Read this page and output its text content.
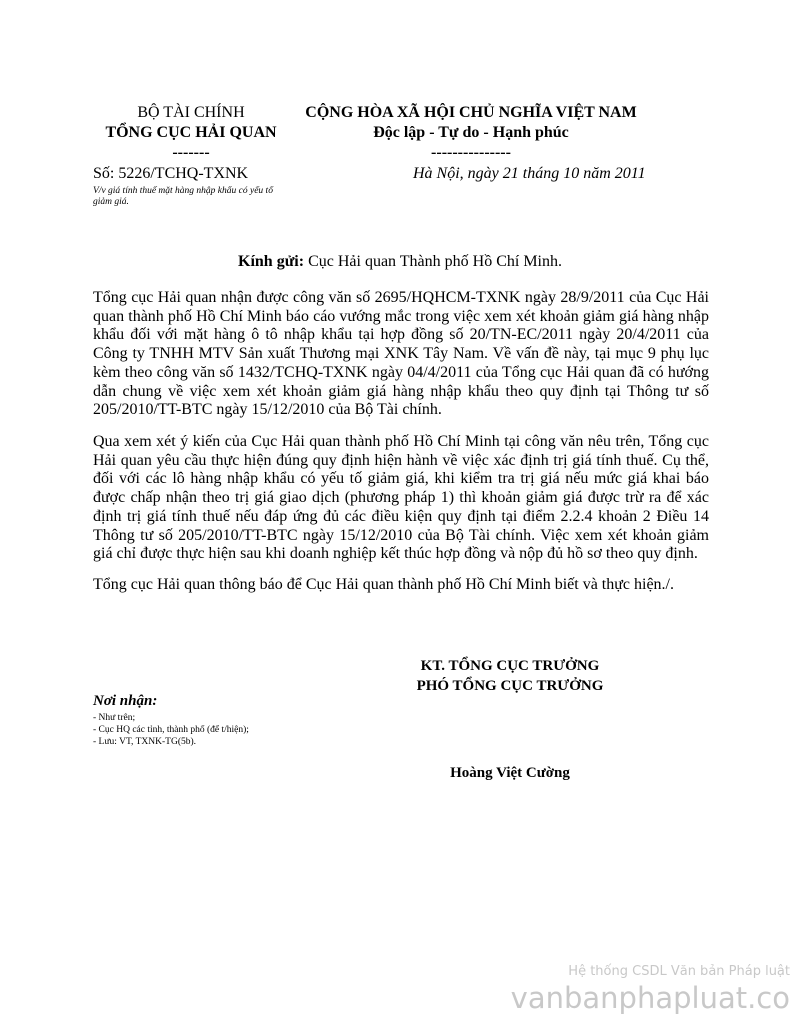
BỘ TÀI CHÍNH
TỔNG CỤC HẢI QUAN
-------
CỘNG HÒA XÃ HỘI CHỦ NGHĨA VIỆT NAM
Độc lập - Tự do - Hạnh phúc
---------------
Số: 5226/TCHQ-TXNK
V/v giá tính thuế mặt hàng nhập khẩu có yếu tố giảm giá.
Hà Nội, ngày 21 tháng 10 năm 2011
Kính gửi: Cục Hải quan Thành phố Hồ Chí Minh.
Tổng cục Hải quan nhận được công văn số 2695/HQHCM-TXNK ngày 28/9/2011 của Cục Hải quan thành phố Hồ Chí Minh báo cáo vướng mắc trong việc xem xét khoản giảm giá hàng nhập khẩu đối với mặt hàng ô tô nhập khẩu tại hợp đồng số 20/TN-EC/2011 ngày 20/4/2011 của Công ty TNHH MTV Sản xuất Thương mại XNK Tây Nam. Về vấn đề này, tại mục 9 phụ lục kèm theo công văn số 1432/TCHQ-TXNK ngày 04/4/2011 của Tổng cục Hải quan đã có hướng dẫn chung về việc xem xét khoản giảm giá hàng nhập khẩu theo quy định tại Thông tư số 205/2010/TT-BTC ngày 15/12/2010 của Bộ Tài chính.
Qua xem xét ý kiến của Cục Hải quan thành phố Hồ Chí Minh tại công văn nêu trên, Tổng cục Hải quan yêu cầu thực hiện đúng quy định hiện hành về việc xác định trị giá tính thuế. Cụ thể, đối với các lô hàng nhập khẩu có yếu tố giảm giá, khi kiểm tra trị giá nếu mức giá khai báo được chấp nhận theo trị giá giao dịch (phương pháp 1) thì khoản giảm giá được trừ ra để xác định trị giá tính thuế nếu đáp ứng đủ các điều kiện quy định tại điểm 2.2.4 khoản 2 Điều 14 Thông tư số 205/2010/TT-BTC ngày 15/12/2010 của Bộ Tài chính. Việc xem xét khoản giảm giá chỉ được thực hiện sau khi doanh nghiệp kết thúc hợp đồng và nộp đủ hồ sơ theo quy định.
Tổng cục Hải quan thông báo để Cục Hải quan thành phố Hồ Chí Minh biết và thực hiện./.
KT. TỔNG CỤC TRƯỞNG
PHÓ TỔNG CỤC TRƯỞNG
Hoàng Việt Cường
Nơi nhận:
- Như trên;
- Cục HQ các tỉnh, thành phố (để t/hiện);
- Lưu: VT, TXNK-TG(5b).
Hệ thống CSDL Văn bản Pháp luật
vanbanphapluat.co
